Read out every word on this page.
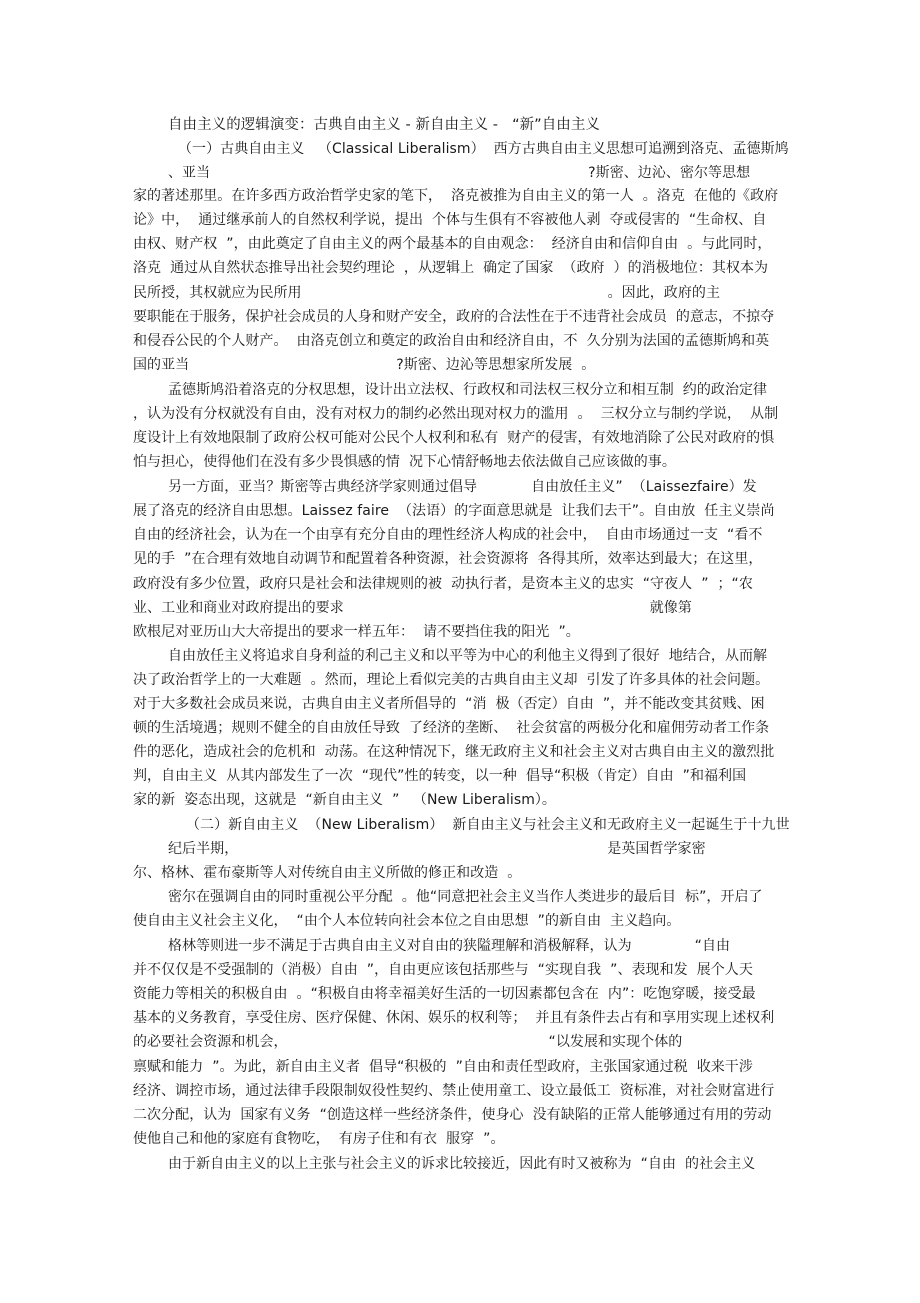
自由主义的逻辑演变：古典自由主义 - 新自由主义 -   “新”自由主义
（一）古典自由主义   （Classical Liberalism）  西方古典自由主义思想可追溯到洛克、孟德斯鸠
、亚当                                                                                    ?斯密、边沁、密尔等思想
家的著述那里。在许多西方政治哲学史家的笔下，  洛克被推为自由主义的第一人  。洛克  在他的《政府
论》中，  通过继承前人的自然权利学说，提出  个体与生俱有不容被他人剥  夺或侵害的  “生命权、自
由权、财产权  ”，由此奠定了自由主义的两个最基本的自由观念：  经济自由和信仰自由  。与此同时，
洛克  通过从自然状态推导出社会契约理论  ，从逻辑上  确定了国家  （政府  ）的消极地位：其权本为
民所授，其权就应为民所用                                                                    。因此，政府的主
要职能在于服务，保护社会成员的人身和财产安全，政府的合法性在于不违背社会成员  的意志，不掠夺
和侵吞公民的个人财产。  由洛克创立和奠定的政治自由和经济自由，不  久分别为法国的孟德斯鸠和英
国的亚当                                              ?斯密、边沁等思想家所发展  。
孟德斯鸠沿着洛克的分权思想，设计出立法权、行政权和司法权三权分立和相互制  约的政治定律
，认为没有分权就没有自由，没有对权力的制约必然出现对权力的滥用  。  三权分立与制约学说，  从制
度设计上有效地限制了政府公权可能对公民个人权利和私有  财产的侵害，有效地消除了公民对政府的惧
怕与担心，使得他们在没有多少畏惧感的情  况下心情舒畅地去依法做自己应该做的事。
另一方面，亚当？斯密等古典经济学家则通过倡导            自由放任主义”  （Laissezfaire）发
展了洛克的经济自由思想。Laissez faire  （法语）的字面意思就是  让我们去干”。自由放  任主义崇尚
自由的经济社会，认为在一个由享有充分自由的理性经济人构成的社会中，  自由市场通过一支  “看不
见的手  ”在合理有效地自动调节和配置着各种资源，社会资源将  各得其所，效率达到最大；在这里，
政府没有多少位置，政府只是社会和法律规则的被  动执行者，是资本主义的忠实  “守夜人  ”  ；“农
业、工业和商业对政府提出的要求                                                                    就像第
欧根尼对亚历山大大帝提出的要求一样五年：  请不要挡住我的阳光  ”。
自由放任主义将追求自身利益的利己主义和以平等为中心的利他主义得到了很好  地结合，从而解
决了政治哲学上的一大难题  。然而，理论上看似完美的古典自由主义却  引发了许多具体的社会问题。
对于大多数社会成员来说，古典自由主义者所倡导的  “消  极（否定）自由  ”，并不能改变其贫贱、困
顿的生活境遇；规则不健全的自由放任导致  了经济的垄断、  社会贫富的两极分化和雇佣劳动者工作条
件的恶化，造成社会的危机和  动荡。在这种情况下，继无政府主义和社会主义对古典自由主义的激烈批
判，自由主义  从其内部发生了一次  “现代”性的转变，以一种  倡导“积极（肯定）自由  ”和福利国
家的新  姿态出现，这就是  “新自由主义  ”   （New Liberalism）。
（二）新自由主义  （New Liberalism）  新自由主义与社会主义和无政府主义一起诞生于十九世
纪后半期，                                                                                  是英国哲学家密
尔、格林、霍布豪斯等人对传统自由主义所做的修正和改造  。
密尔在强调自由的同时重视公平分配  。他“同意把社会主义当作人类进步的最后目  标”，开启了
使自由主义社会主义化，  “由个人本位转向社会本位之自由思想  ”的新自由  主义趋向。
格林等则进一步不满足于古典自由主义对自由的狭隘理解和消极解释，认为              “自由
并不仅仅是不受强制的（消极）自由  ”，自由更应该包括那些与  “实现自我  ”、表现和发  展个人天
资能力等相关的积极自由  。“积极自由将幸福美好生活的一切因素都包含在  内”：吃饱穿暖，接受最
基本的义务教育，享受住房、医疗保健、休闲、娱乐的权利等；  并且有条件去占有和享用实现上述权利
的必要社会资源和机会，                                                          “以发展和实现个体的
禀赋和能力  ”。为此，新自由主义者  倡导“积极的  ”自由和责任型政府，主张国家通过税  收来干涉
经济、调控市场，通过法律手段限制奴役性契约、禁止使用童工、设立最低工  资标准，对社会财富进行
二次分配，认为  国家有义务  “创造这样一些经济条件，使身心  没有缺陷的正常人能够通过有用的劳动
使他自己和他的家庭有食物吃，  有房子住和有衣  服穿  ”。
由于新自由主义的以上主张与社会主义的诉求比较接近，因此有时又被称为  “自由  的社会主义
